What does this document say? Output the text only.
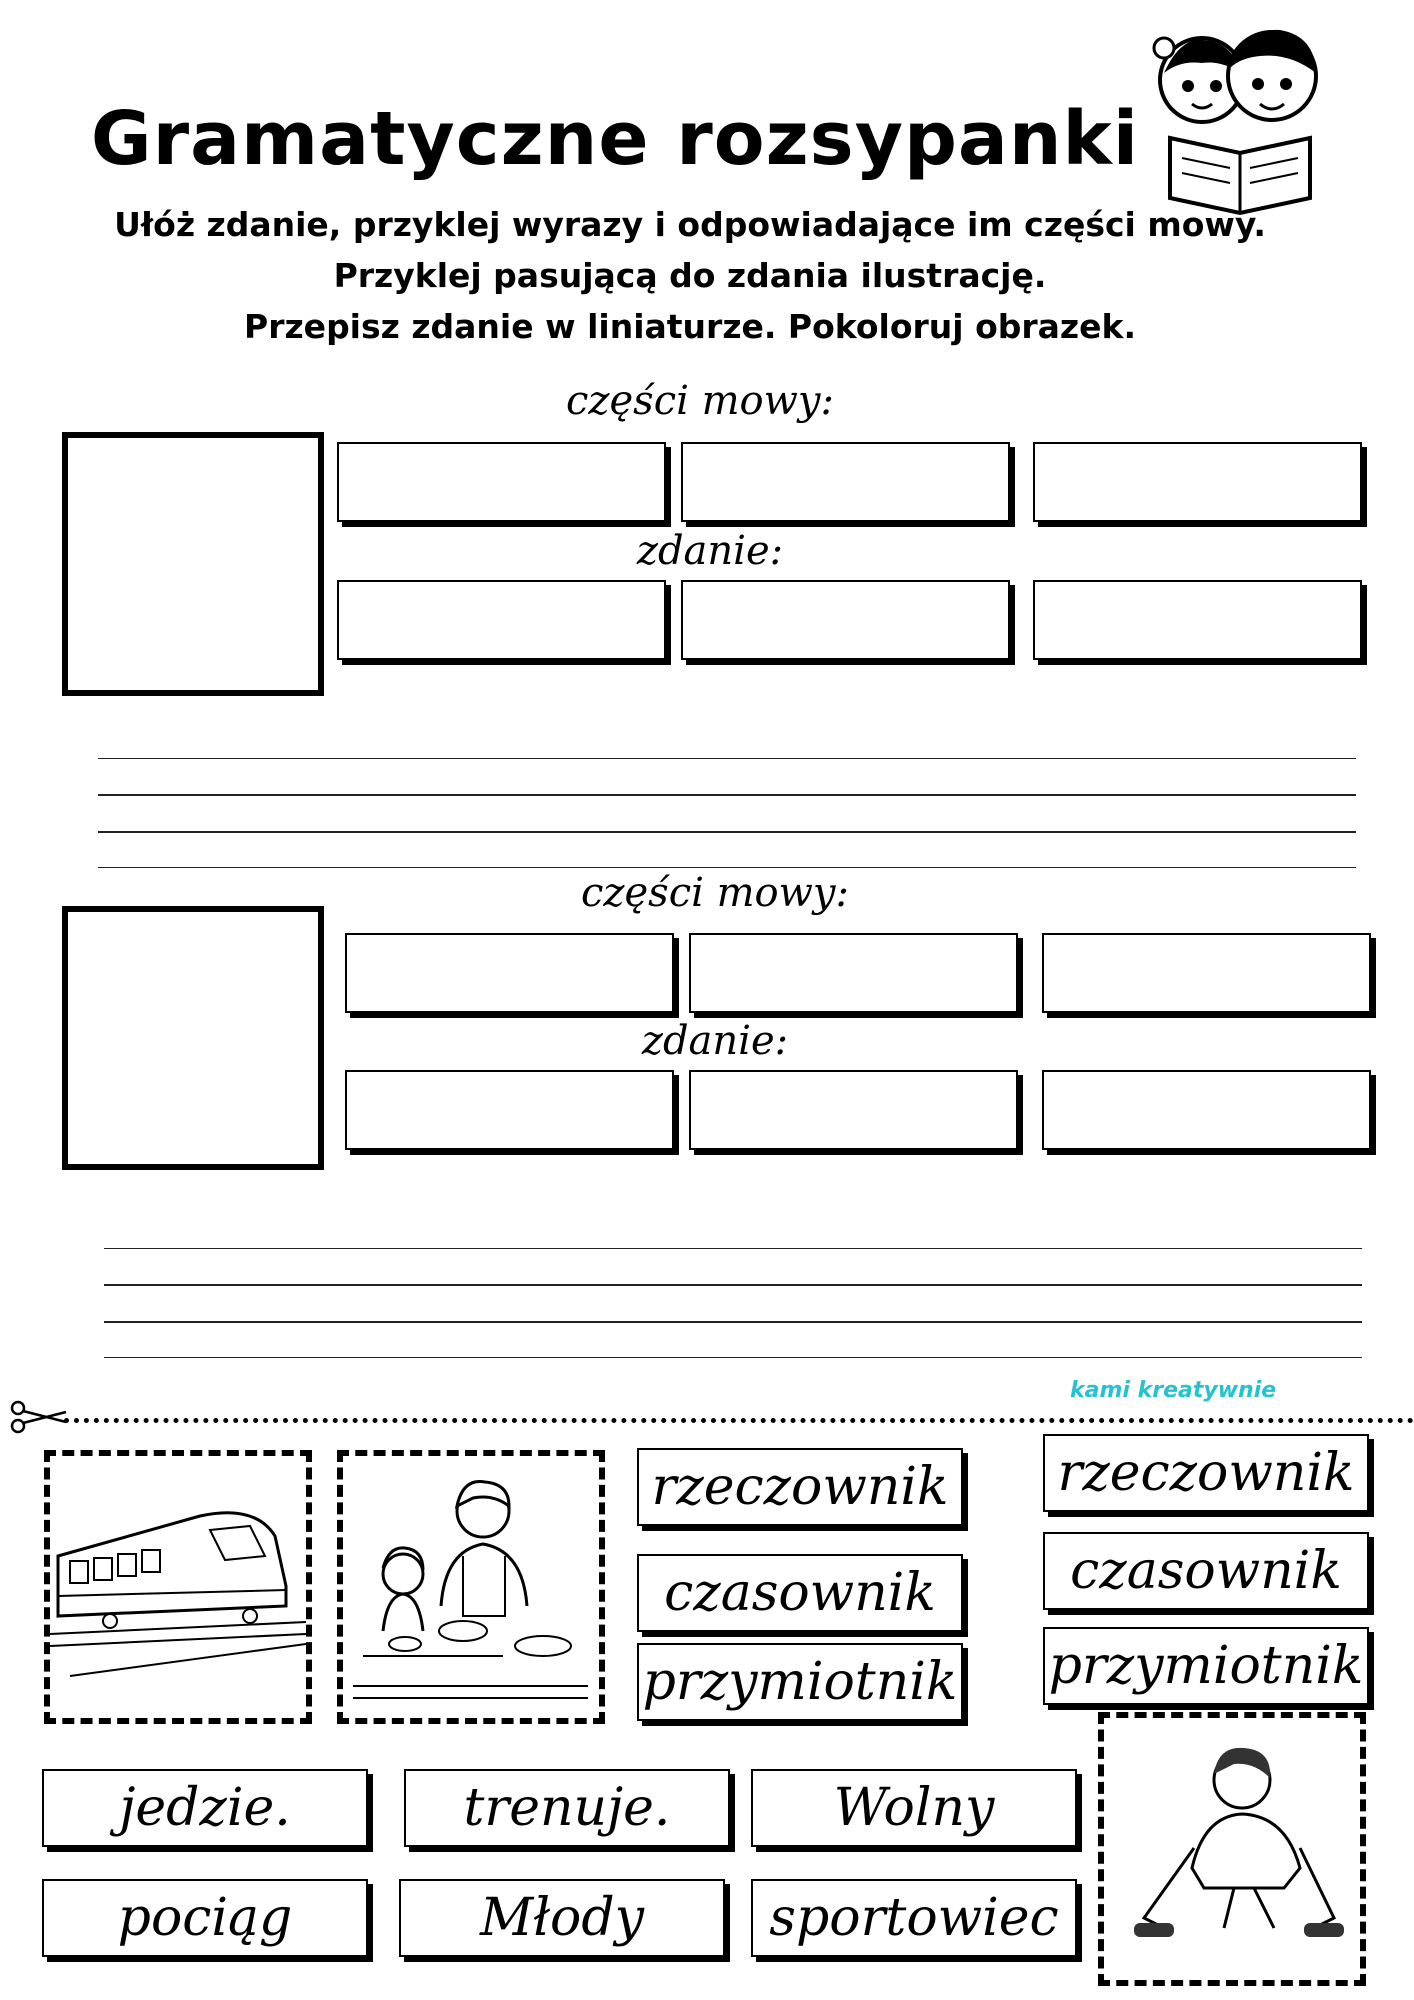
Gramatyczne rozsypanki
Ułóż zdanie, przyklej wyrazy i odpowiadające im części mowy.
Przyklej pasującą do zdania ilustrację.
Przepisz zdanie w liniaturze. Pokoloruj obrazek.
części mowy:
zdanie:
części mowy:
zdanie:
kami kreatywnie
rzeczownik
czasownik
przymiotnik
rzeczownik
czasownik
przymiotnik
jedzie.	trenuje.	Wolny
pociąg	Młody	sportowiec
